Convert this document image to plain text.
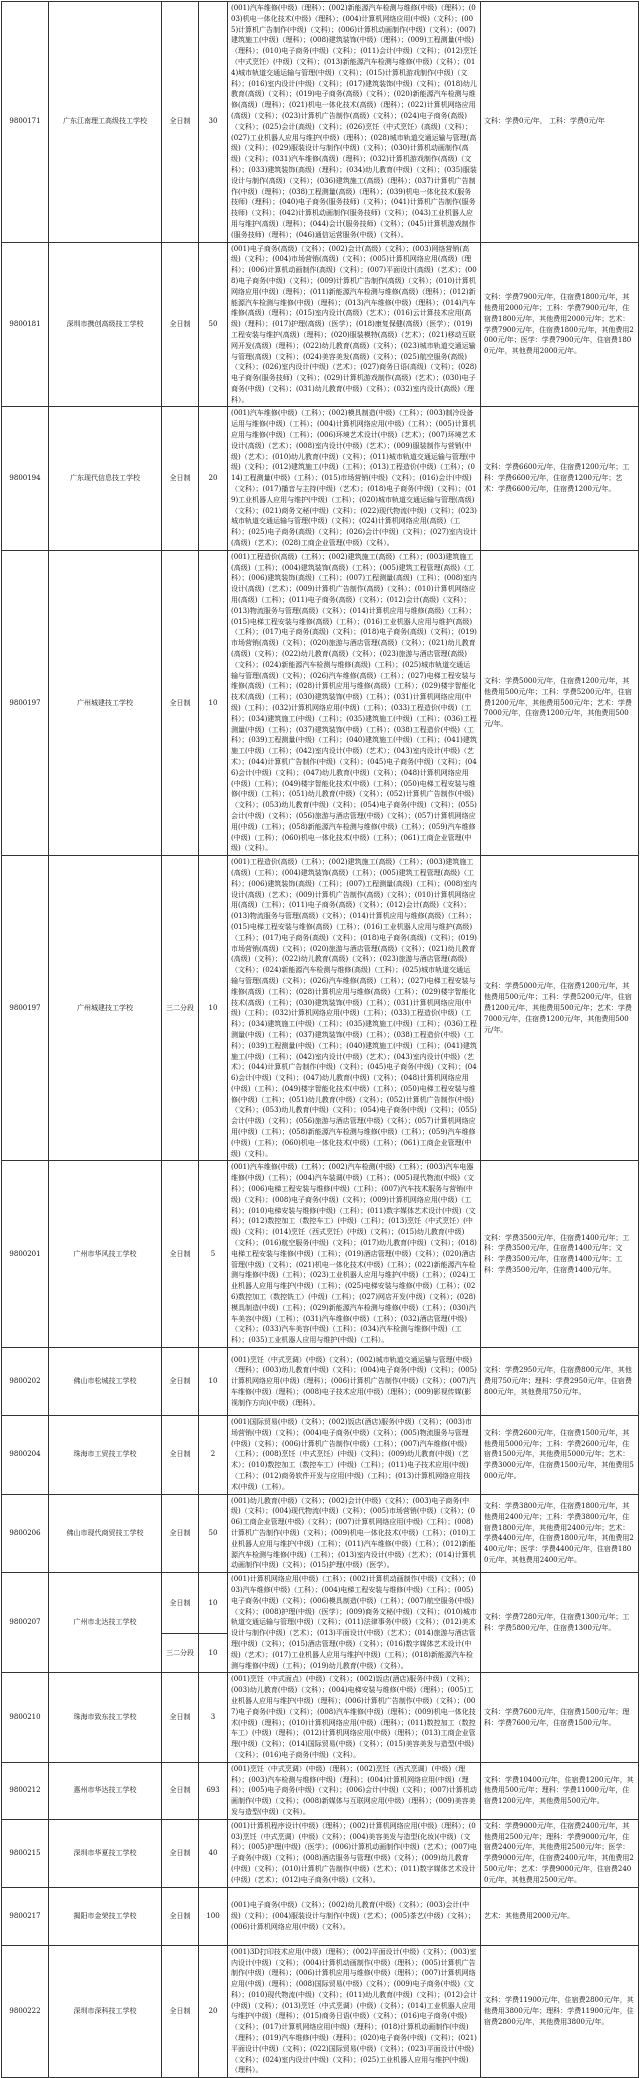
9800171	广东江南理工高级技工学校	全日制	30	(001)汽车维修(中级)（理科）；(002)新能源汽车检测与维修(中级)（理科）；(003)机电一体化技术(中级)（理科）；(004)计算机网络应用(中级)（文科）；(005)计算机广告制作(中级)（文科）；(006)计算机动画制作(中级)（文科）；(007)建筑施工(中级)（理科）；(008)建筑装饰(中级)（理科）；(009)工程测量(中级)（理科）；(010)电子商务(中级)（文科）；(011)会计(中级)（文科）；(012)烹饪（中式烹饪）(中级)（文科）；(013)新能源汽车检测与维修(中级)（文科）；(014)城市轨道交通运输与管理(中级)（文科）；(015)计算机游戏制作(中级)（文科）；(016)室内设计(中级)（文科）；(017)建筑装饰(中级)（文科）；(018)幼儿教育(高级)（文科）；(019)电子商务(高级)（文科）；(020)新能源汽车检测与维修(高级)（理科）；(021)机电一体化技术(高级)（理科）；(022)计算机网络应用(高级)（文科）；(023)计算机广告制作(高级)（文科）；(024)电子商务(高级)（文科）；(025)会计(高级)（文科）；(026)烹饪（中式烹饪）(高级)（文科）；(027)工业机器人应用与维护(中级)（理科）；(028)城市轨道交通运输与管理(高级)（文科）；(029)服装设计与制作(中级)（文科）；(030)计算机动画制作(高级)（文科）；(031)汽车维修(高级)（理科）；(032)计算机游戏制作(高级)（文科）；(033)建筑装饰(高级)（理科）；(034)幼儿教育(中级)（文科）；(035)服装设计与制作(高级)（文科）；(036)建筑施工(高级)（理科）；(037)计算机广告制作(中级)（理科）；(038)工程测量(高级)（理科）；(039)机电一体化技术(服务技师)（理科）；(040)电子商务(服务技师)（文科）；(041)计算机广告制作(服务技师)（文科）；(042)计算机动画制作(服务技师)（文科）；(043)工业机器人应用与维护(高级)（理科）；(044)会计(服务技师)（文科）；(045)计算机游戏制作(服务技师)（理科）；(046)通信运营服务(中级)（文科）。	文科：学费0元/年， 工科：学费0元/年
9800181	深圳市携创高级技工学校	全日制	50	(001)电子商务(高级)（文科）；(002)会计(高级)（文科）；(003)网络营销(高级)（文科）；(004)市场营销(高级)（文科）；(005)计算机网络应用(高级)（理科）；(006)计算机动画制作(高级)（文科）；(007)平面设计(高级)（艺术）；(008)电子商务(中级)（文科）；(009)计算机广告制作(高级)（文科）；(010)计算机网络应用(中级)（理科）；(011)新能源汽车检测与维修(高级)（理科）；(012)新能源汽车检测与维修(中级)（理科）；(013)汽车维修(中级)（理科）；(014)汽车维修(高级)（理科）；(015)室内设计(高级)（艺术）；(016)云计算技术应用(高级)（理科）；(017)护理(高级)（医学）；(018)康复保健(高级)（医学）；(019)工程安装与维护(高级)（理科）；(020)服装模特(高级)（艺术）；(021)移动互联网开发(高级)（理科）；(022)幼儿教育(高级)（文科）；(023)城市轨道交通运输与管理(高级)（文科）；(024)美容美发(高级)（文科）；(025)航空服务(高级)（文科）；(026)室内设计(中级)（艺术）；(027)商务日语(高级)（文科）；(028)电子商务(服务技师)（文科）；(029)计算机游戏制作(高级)（艺术）；(030)电子商务(中级)（文科）；(031)幼儿教育(中级)（文科）；(032)室内设计(高级)（理科）。	文科：学费7900元/年，住宿费1800元/年，其他费用2000元/年；工科：学费7900元/年，住宿费1800元/年，其他费用2000元/年；艺术：学费7900元/年，住宿费1800元/年，其他费用2000元/年；医学：学费7900元/年，住宿费1800元/年，其他费用2000元/年。
9800194	广东现代信息技工学校	全日制	20	(001)汽车维修(中级)（工科）；(002)模具制造(中级)（工科）；(003)制冷设备运用与维修(中级)（工科）；(004)计算机网络应用(中级)（工科）；(005)计算机应用与维修(中级)（工科）；(006)环境艺术设计(中级)（艺术）；(007)环境艺术设计(高级)（艺术）；(008)室内设计(中级)（艺术）；(009)服装制作与营销(中级)（艺术）；(010)幼儿教育(中级)（文科）；(011)城市轨道交通运输与管理(中级)（文科）；(012)建筑施工(中级)（工科）；(013)工程造价(中级)（工科）；(014)工程测量(中级)（工科）；(015)市场营销(中级)（文科）；(016)会计(中级)（文科）；(017)播音与主持(中级)（艺术）；(018)电子商务(中级)（文科）；(019)工业机器人应用与维护(中级)（工科）；(020)城市轨道交通运输与管理(高级)（文科）；(021)商务文秘(中级)（文科）；(022)现代物流(中级)（文科）；(023)城市轨道交通运输与管理(中级)（文科）；(024)计算机网络应用(高级)（工科）；(025)电子商务(高级)（文科）；(026)会计(中级)（文科）；(027)室内设计(高级)（艺术）；(028)工商企业管理(中级)（文科）。	文科：学费6600元/年，住宿费1200元/年；工科：学费6600元/年，住宿费1200元/年；艺术：学费6600元/年，住宿费1200元/年。
9800197	广州城建技工学校	全日制	10	(001)工程造价(高级)（工科）；(002)建筑施工(高级)（工科）；(003)建筑施工(高级)（工科）；(004)建筑装饰(高级)（工科）；(005)建筑工程管理(高级)（工科）；(006)建筑装饰(高级)（工科）；(007)工程测量(高级)（工科）；(008)室内设计(高级)（艺术）；(009)计算机广告制作(高级)（文科）；(010)计算机网络应用(高级)（工科）；(011)电子商务(高级)（文科）；(012)会计(高级)（文科）；(013)物流服务与管理(高级)（文科）；(014)计算机应用与维修(高级)（工科）；(015)电梯工程安装与维修(高级)（工科）；(016)工业机器人应用与维护(高级)（工科）；(017)电子商务(高级)（文科）；(018)电子商务(高级)（文科）；(019)市场营销(高级)（文科）；(020)旅游与酒店管理(高级)（文科）；(021)幼儿教育(高级)（文科）；(022)幼儿教育(高级)（文科）；(023)旅游与酒店管理(高级)（文科）；(024)新能源汽车检测与维修(高级)（工科）；(025)城市轨道交通运输与管理(高级)（文科）；(026)汽车维修(高级)（工科）；(027)电梯工程安装与维修(高级)（工科）；(028)计算机应用与维修(高级)（工科）；(029)楼宇智能化技术(高级)（工科）；(030)建筑装饰(中级)（工科）；(031)计算机网络应用(中级)（工科）；(032)计算机网络应用(中级)（工科）；(033)工程造价(中级)（工科）；(034)建筑施工(中级)（工科）；(035)建筑施工(中级)（工科）；(036)工程测量(中级)（工科）；(037)建筑装饰(中级)（工科）；(038)工程造价(中级)（工科）；(039)工程测量(中级)（工科）；(040)建筑施工(中级)（工科）；(041)建筑施工(中级)（工科）；(042)室内设计(中级)（艺术）；(043)室内设计(中级)（艺术）；(044)计算机广告制作(中级)（文科）；(045)电子商务(中级)（文科）；(046)会计(中级)（文科）；(047)幼儿教育(中级)（文科）；(048)计算机网络应用(中级)（工科）；(049)楼宇智能化技术(中级)（工科）；(050)电梯工程安装与维修(中级)（工科）；(051)幼儿教育(中级)（文科）；(052)计算机广告制作(中级)（文科）；(053)幼儿教育(中级)（文科）；(054)电子商务(中级)（文科）；(055)会计(中级)（文科）；(056)旅游与酒店管理(中级)（文科）；(057)计算机网络应用(中级)（工科）；(058)新能源汽车检测与维修(中级)（工科）；(059)汽车维修(中级)（工科）；(060)机电一体化技术(中级)（工科）；(061)工商企业管理(中级)（文科）。	文科：学费5000元/年，住宿费1200元/年，其他费用500元/年；工科：学费5200元/年，住宿费1200元/年，其他费用500元/年；艺术：学费7000元/年，住宿费1200元/年，其他费用500元/年。
9800197	广州城建技工学校	三二分段	10	(001)工程造价(高级)（工科）；(002)建筑施工(高级)（工科）；(003)建筑施工(高级)（工科）；(004)建筑装饰(高级)（工科）；(005)建筑工程管理(高级)（工科）；(006)建筑装饰(高级)（工科）；(007)工程测量(高级)（工科）；(008)室内设计(高级)（艺术）；(009)计算机广告制作(高级)（文科）；(010)计算机网络应用(高级)（工科）；(011)电子商务(高级)（文科）；(012)会计(高级)（文科）；(013)物流服务与管理(高级)（文科）；(014)计算机应用与维修(高级)（工科）；(015)电梯工程安装与维修(高级)（工科）；(016)工业机器人应用与维护(高级)（工科）；(017)电子商务(高级)（文科）；(018)电子商务(高级)（文科）；(019)市场营销(高级)（文科）；(020)旅游与酒店管理(高级)（文科）；(021)幼儿教育(高级)（文科）；(022)幼儿教育(高级)（文科）；(023)旅游与酒店管理(高级)（文科）；(024)新能源汽车检测与维修(高级)（工科）；(025)城市轨道交通运输与管理(高级)（文科）；(026)汽车维修(高级)（工科）；(027)电梯工程安装与维修(高级)（工科）；(028)计算机应用与维修(高级)（工科）；(029)楼宇智能化技术(高级)（工科）；(030)建筑装饰(中级)（工科）；(031)计算机网络应用(中级)（工科）；(032)计算机网络应用(中级)（工科）；(033)工程造价(中级)（工科）；(034)建筑施工(中级)（工科）；(035)建筑施工(中级)（工科）；(036)工程测量(中级)（工科）；(037)建筑装饰(中级)（工科）；(038)工程造价(中级)（工科）；(039)工程测量(中级)（工科）；(040)建筑施工(中级)（工科）；(041)建筑施工(中级)（工科）；(042)室内设计(中级)（艺术）；(043)室内设计(中级)（艺术）；(044)计算机广告制作(中级)（文科）；(045)电子商务(中级)（文科）；(046)会计(中级)（文科）；(047)幼儿教育(中级)（文科）；(048)计算机网络应用(中级)（工科）；(049)楼宇智能化技术(中级)（工科）；(050)电梯工程安装与维修(中级)（工科）；(051)幼儿教育(中级)（文科）；(052)计算机广告制作(中级)（文科）；(053)幼儿教育(中级)（文科）；(054)电子商务(中级)（文科）；(055)会计(中级)（文科）；(056)旅游与酒店管理(中级)（文科）；(057)计算机网络应用(中级)（工科）；(058)新能源汽车检测与维修(中级)（工科）；(059)汽车维修(中级)（工科）；(060)机电一体化技术(中级)（工科）；(061)工商企业管理(中级)（文科）。	文科：学费5000元/年，住宿费1200元/年，其他费用500元/年；工科：学费5200元/年，住宿费1200元/年，其他费用500元/年；艺术：学费7000元/年，住宿费1200元/年，其他费用500元/年。
9800201	广州市华风技工学校	全日制	5	(001)汽车维修(中级)（工科）；(002)汽车检测(中级)（工科）；(003)汽车电器维修(中级)（工科）；(004)汽车装调(中级)（工科）；(005)现代物流(中级)（文科）；(006)电梯工程安装与维修(中级)（工科）；(007)汽车技术服务与营销(中级)（文科）；(008)电子商务(中级)（文科）；(009)计算机网络应用(中级)（工科）；(010)电梯安装与维修(中级)（工科）；(011)数字媒体艺术设计(中级)（文科）；(012)数控加工（数控车工）(中级)（工科）；(013)烹饪（中式烹饪）(中级)（文科）；(014)烹饪（西式烹饪）(中级)（文科）；(015)幼儿教育(中级)（文科）；(016)航空服务(中级)（文科）；(017)幼儿教育(中级)（文科）；(018)电梯工程安装与维修(中级)（工科）；(019)酒店管理(中级)（文科）；(020)酒店管理(中级)（文科）；(021)机电一体化技术(中级)（工科）；(022)新能源汽车检测与维修(中级)（工科）；(023)工业机器人应用与维护(中级)（工科）；(024)工业机器人应用与维护(中级)（工科）；(025)电梯安装与维修(中级)（工科）；(026)数控加工（数控铣工）(中级)（工科）；(027)网店开发(中级)（文科）；(028)模具制造(中级)（工科）；(029)新能源汽车检测与维修(中级)（工科）；(030)汽车美容(中级)（工科）；(031)汽车维修(中级)（工科）；(032)酒店管理(中级)（文科）；(033)汽车美容(中级)（工科）；(034)汽车检测与维修(中级)（工科）；(035)工业机器人应用与维护(中级)（工科）。	文科：学费3500元/年，住宿费1400元/年；工科：学费3500元/年，住宿费1400元/年；文科：学费3500元/年，住宿费1400元/年；工科：学费3500元/年，住宿费1400元/年。
9800202	佛山市松城技工学校	全日制	10	(001)烹饪（中式烹调）(中级)（文科）；(002)城市轨道交通运输与管理(中级)（理科）；(003)幼儿教育(中级)（文科）；(004)电子商务(中级)（文科）；(005)计算机网络应用(中级)（理科）；(006)计算机广告制作(中级)（文科）；(007)汽车维修(中级)（理科）；(008)电子技术应用(中级)（理科）；(009)影视传媒(影视制作方向)(中级)（理科）。	文科：学费2950元/年，住宿费800元/年，其他费用750元/年；理科：学费2950元/年，住宿费800元/年，其他费用750元/年。
9800204	珠海市工贸技工学校	全日制	2	(001)国际贸易(中级)（文科）；(002)饭店(酒店)服务(中级)（文科）；(003)市场营销(中级)（文科）；(004)电子商务(中级)（文科）；(005)物流服务与管理(中级)（文科）；(006)计算机广告制作(中级)（工科）；(007)汽车维修(中级)（工科）；(008)烹饪（中式烹饪）(中级)（文科）；(009)幼儿教育(中级)（艺术）；(010)数控加工（数控车工）(中级)（工科）；(011)电子技术应用(中级)（工科）；(012)商务软件开发与应用(中级)（工科）；(013)计算机网络应用技术(中级)（工科）。	文科：学费2600元/年，住宿费1500元/年，其他费用5000元/年；工科：学费2600元/年，住宿费1500元/年，其他费用5000元/年；艺术：学费3000元/年，住宿费1500元/年，其他费用5000元/年。
9800206	佛山市现代商贸技工学校	全日制	50	(001)幼儿教育(中级)（文科）；(002)会计(中级)（文科）；(003)电子商务(中级)（文科）；(004)现代物流(中级)（文科）；(005)市场营销(中级)（文科）；(006)工商企业管理(中级)（文科）；(007)计算机网络应用(中级)（工科）；(008)计算机广告制作(中级)（文科）；(009)机电一体化技术(中级)（工科）；(010)工业机器人应用与维护(中级)（工科）；(011)汽车维修(中级)（工科）；(012)新能源汽车检测与维修(中级)（工科）；(013)室内设计(中级)（艺术）；(014)计算机动画制作(中级)（文科）；(015)护理(中级)（医学）。	文科：学费3800元/年，住宿费1800元/年，其他费用2400元/年；工科：学费3800元/年，住宿费1800元/年，其他费用2400元/年；艺术：学费4400元/年，住宿费1800元/年，其他费用2400元/年；医学：学费4400元/年，住宿费1800元/年，其他费用2400元/年。
9800207	广州市北达技工学校	全日制	10	(001)计算机网络应用(中级)（工科）；(002)计算机动画制作(中级)（文科）；(003)汽车维修(中级)（工科）；(004)电梯工程安装与维修(中级)（工科）；(005)电子商务(中级)（文科）；(006)模具制造(中级)（工科）；(007)航空服务(中级)（文科）；(008)护理(中级)（医学）；(009)商务文秘(中级)（文科）；(010)城市轨道交通运输与管理(中级)（文科）；(011)法律事务(中级)（文科）；(012)美术设计与制作(中级)（艺术）；(013)平面设计(中级)（艺术）；(014)旅游与酒店管理(中级)（文科）；(015)酒店管理(中级)（文科）；(016)数字媒体艺术设计(中级)（艺术）；(017)工业机器人应用与维护(中级)（工科）；(018)新能源汽车检测与维修(中级)（工科）；(019)幼儿教育(中级)（文科）。	文科：学费7280元/年，住宿费1300元/年；工科：学费5800元/年，住宿费1300元/年。
		三二分段	10		
9800210	珠海市致东技工学校	全日制	3	(001)烹饪（中式面点）(中级)（文科）；(002)饭店(酒店)服务(中级)（文科）；(003)幼儿教育(中级)（文科）；(004)电梯安装与维修(中级)（理科）；(005)工业机器人应用与维护(中级)（理科）；(006)计算机广告制作(中级)（文科）；(007)电子商务(中级)（文科）；(008)汽车维修(中级)（理科）；(009)机电一体化技术(中级)（理科）；(010)计算机网络应用(中级)（理科）；(011)数控加工（数控车工）(中级)（理科）；(012)计算机网络应用(中级)（理科）；(013)工商企业管理(中级)（文科）；(014)国际贸易(中级)（文科）；(015)美容美发与造型(中级)（文科）；(016)电子商务(中级)（文科）。	文科：学费7600元/年，住宿费1500元/年；理科：学费7600元/年，住宿费1500元/年。
9800212	惠州市华达技工学校	全日制	693	(001)烹饪（中式烹调）(中级)（理科）；(002)烹饪（西式烹调）(中级)（理科）；(003)汽车检测与维修(中级)（理科）；(004)计算机网络应用(中级)（理科）；(005)电子商务(中级)（文科）；(006)会计(中级)（文科）；(007)计算机动画制作(中级)（文科）；(008)新媒体与互联网应用(中级)（理科）；(009)美容美发与造型(中级)（文科）。	文科：学费10400元/年，住宿费1200元/年，其他费用500元/年；理科：学费11000元/年，住宿费1200元/年，其他费用500元/年。
9800215	深圳市华夏技工学校	全日制	40	(001)计算机程序设计(中级)（理科）；(002)计算机网络应用(中级)（理科）；(003)烹饪（中式烹调）(中级)（文科）；(004)美容美发与造型(化妆)(中级)（文科）；(005)护理(中级)（医学）；(006)计算机动画制作(中级)（艺术）；(007)电子商务(中级)（文科）；(008)酒店服务与管理(中级)（文科）；(009)幼儿教育(中级)（文科）；(010)计算机广告制作(中级)（艺术）；(011)数字媒体艺术设计(中级)（艺术）；(012)电子商务(中级)（文科）。	文科：学费9000元/年，住宿费2400元/年，其他费用2500元/年；理科：学费9000元/年，住宿费2400元/年，其他费用2500元/年；医学：学费9000元/年，住宿费2400元/年，其他费用2500元/年；艺术：学费9000元/年，住宿费2400元/年，其他费用2500元/年。
9800217	揭阳市金荣技工学校	全日制	100	(001)电子商务(中级)（文科）；(002)幼儿教育(中级)（文科）；(003)会计(中级)（文科）；(004)服装设计与制作(中级)（艺术）；(005)茶艺(中级)（文科）；(006)计算机网络应用(中级)（文科）。	艺术：其他费用2000元/年。
9800222	深圳市深科技工学校	全日制	20	(001)3D打印技术应用(中级)（理科）；(002)平面设计(中级)（文科）；(003)室内设计(中级)（文科）；(004)计算机动画制作(中级)（理科）；(005)计算机广告制作(中级)（理科）；(006)计算机应用与维修(中级)（理科）；(007)计算机网络应用(中级)（理科）；(008)国际贸易(中级)（文科）；(009)电子商务(中级)（文科）；(010)现代物流(中级)（文科）；(011)幼儿教育(中级)（文科）；(012)会计(中级)（文科）；(013)烹饪（中式烹调）(中级)（文科）；(014)工业机器人应用与维护(中级)（理科）；(015)商务日语(中级)（文科）；(016)电子商务(中级)（文科）；(017)计算机网络应用(中级)（理科）；(018)计算机动画制作(中级)（理科）；(019)汽车维修(中级)（理科）；(020)电子商务(中级)（文科）；(021)平面设计(中级)（文科）；(022)国际贸易(中级)（文科）；(023)平面设计(中级)（文科）；(024)室内设计(中级)（文科）；(025)工业机器人应用与维护(中级)（理科）。	文科：学费11900元/年，住宿费2800元/年，其他费用3800元/年；理科：学费11900元/年，住宿费2800元/年，其他费用3800元/年。
